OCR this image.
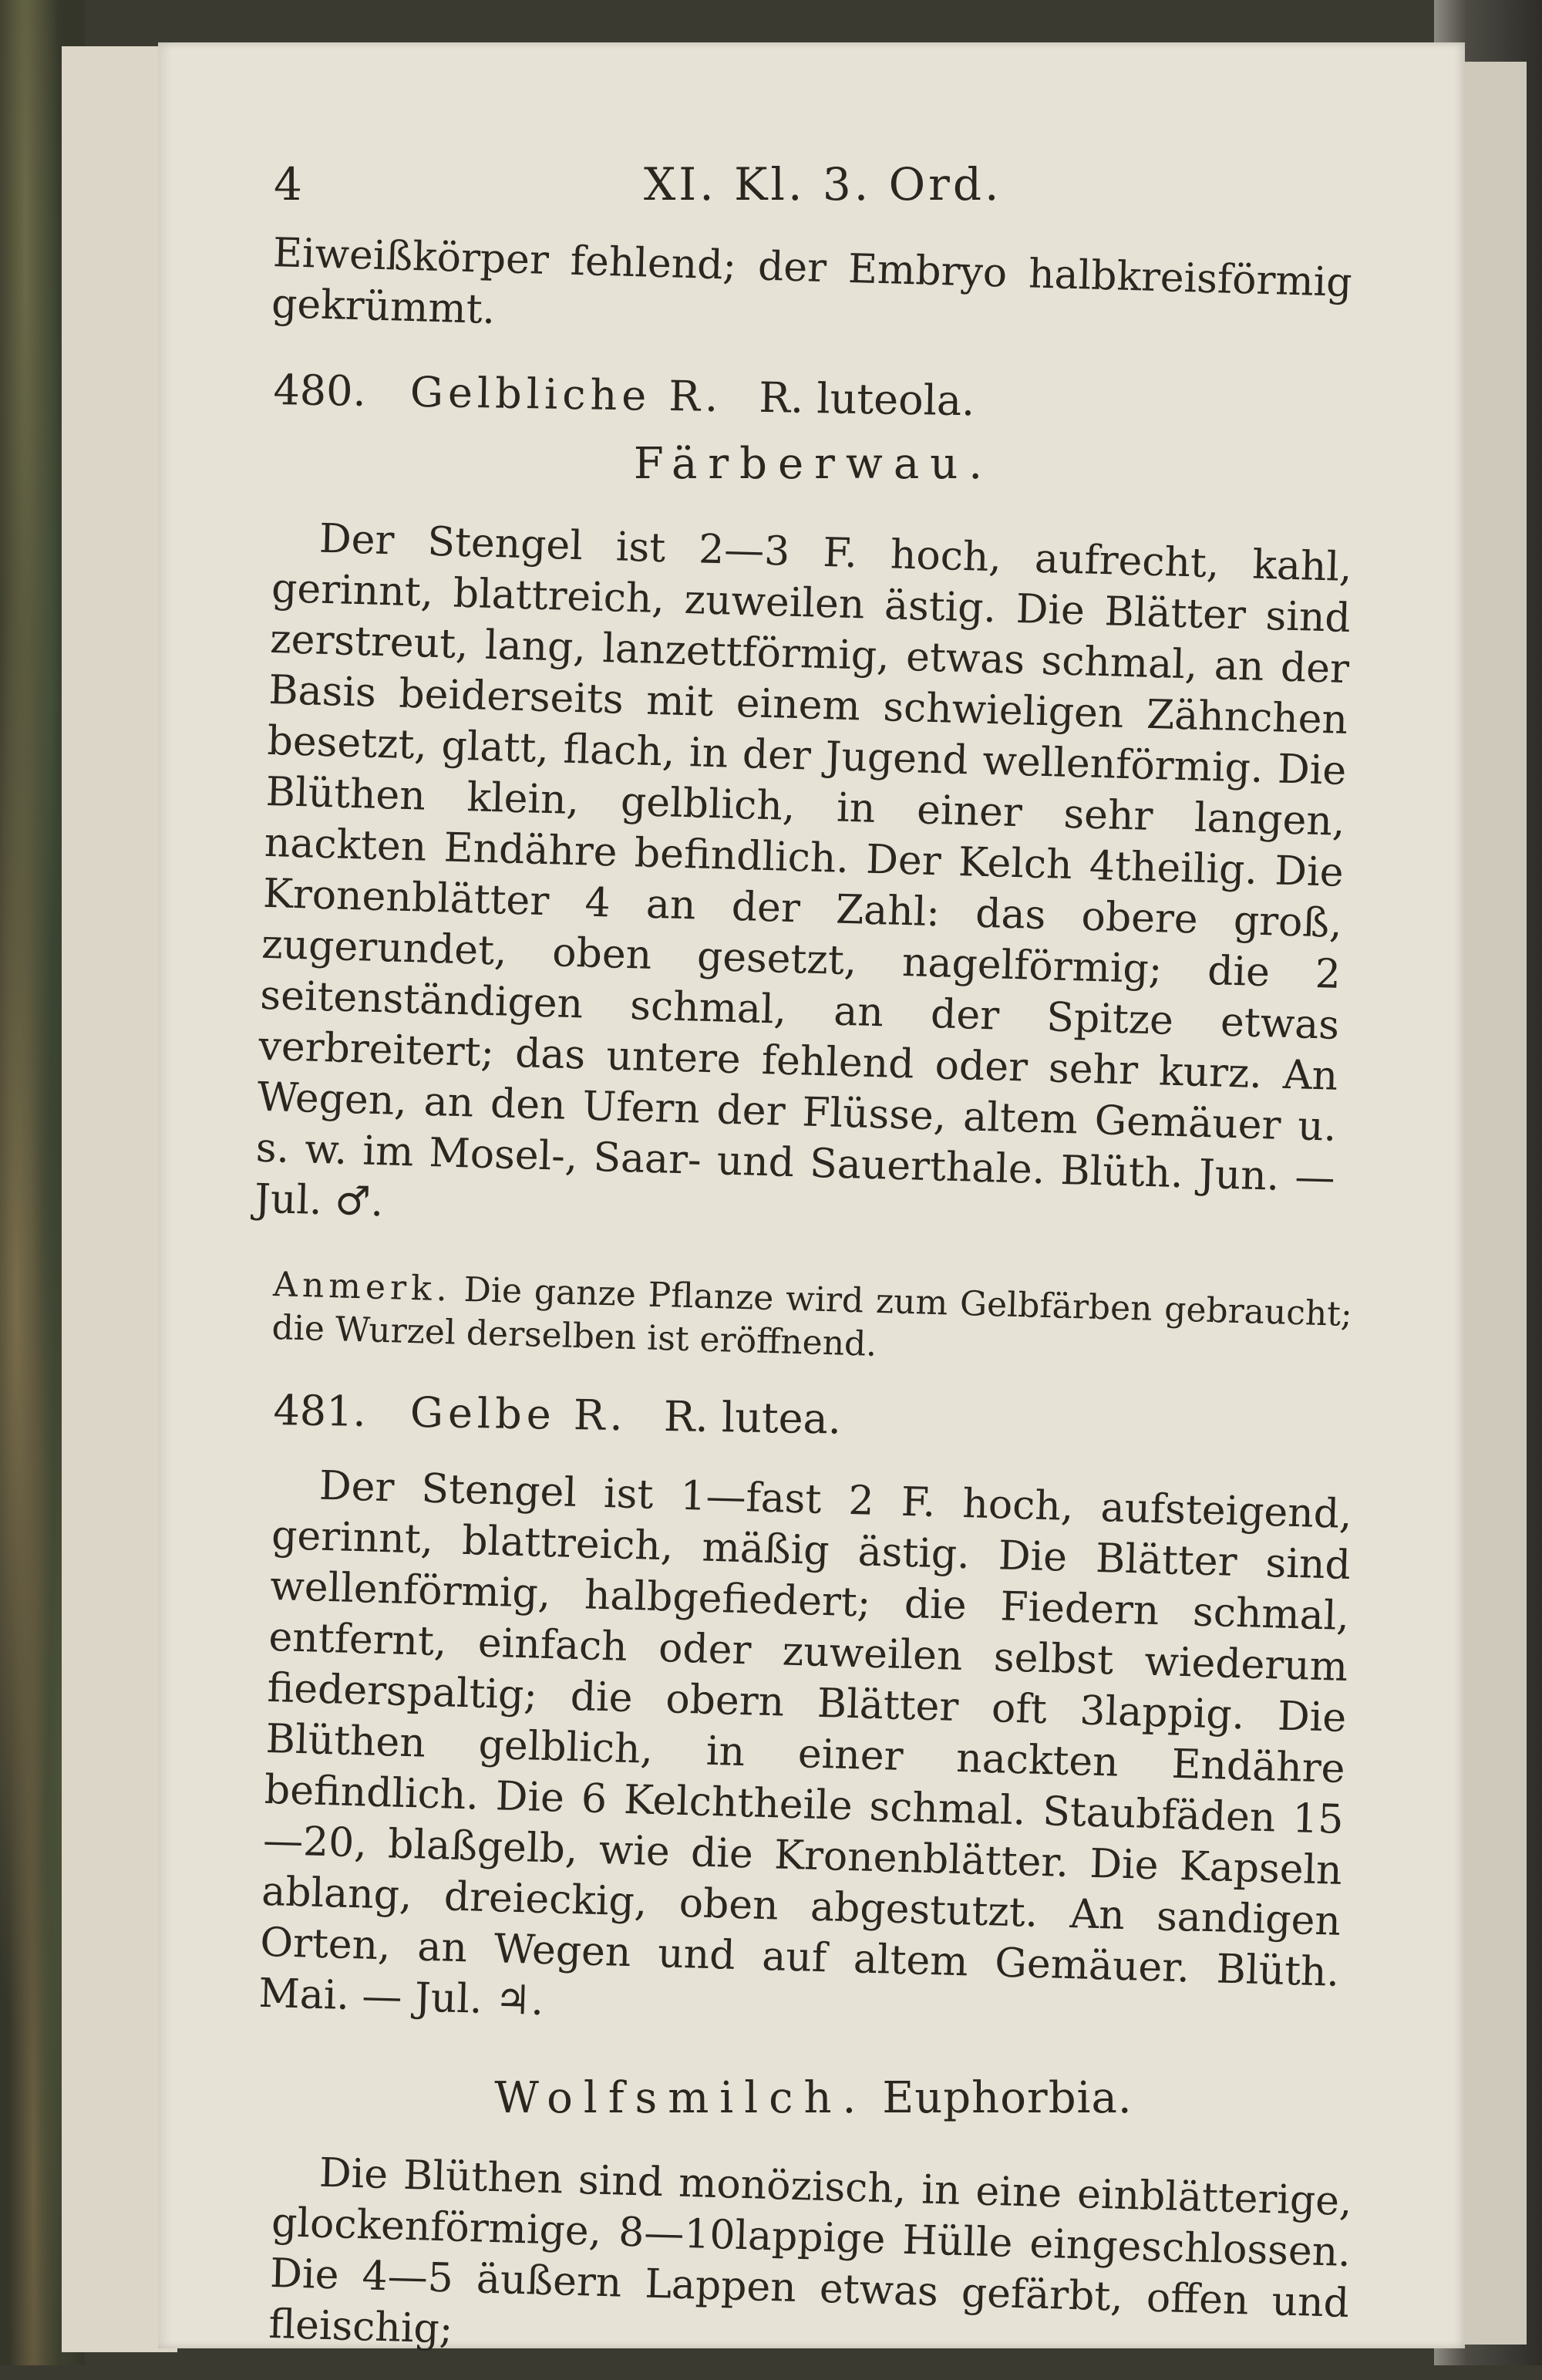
4	XI. Kl. 3. Ord.

Eiweißkörper fehlend; der Embryo halbkreisförmig gekrümmt.

480. Gelbliche R. R. luteola.
Färberwau.

Der Stengel ist 2—3 F. hoch, aufrecht, kahl, gerinnt, blattreich, zuweilen ästig. Die Blätter sind zerstreut, lang, lanzettförmig, etwas schmal, an der Basis beiderseits mit einem schwieligen Zähnchen besetzt, glatt, flach, in der Jugend wellenförmig. Die Blüthen klein, gelblich, in einer sehr langen, nackten Endähre befindlich. Der Kelch 4theilig. Die Kronenblätter 4 an der Zahl: das obere groß, zugerundet, oben gesetzt, nagelförmig; die 2 seitenständigen schmal, an der Spitze etwas verbreitert; das untere fehlend oder sehr kurz. An Wegen, an den Ufern der Flüsse, altem Gemäuer u. s. w. im Mosel-, Saar- und Sauerthale. Blüth. Jun. — Jul. ♂.

Anmerk. Die ganze Pflanze wird zum Gelbfärben gebraucht; die Wurzel derselben ist eröffnend.

481. Gelbe R. R. lutea.

Der Stengel ist 1—fast 2 F. hoch, aufsteigend, gerinnt, blattreich, mäßig ästig. Die Blätter sind wellenförmig, halbgefiedert; die Fiedern schmal, entfernt, einfach oder zuweilen selbst wiederum fiederspaltig; die obern Blätter oft 3lappig. Die Blüthen gelblich, in einer nackten Endähre befindlich. Die 6 Kelchtheile schmal. Staubfäden 15—20, blaßgelb, wie die Kronenblätter. Die Kapseln ablang, dreieckig, oben abgestutzt. An sandigen Orten, an Wegen und auf altem Gemäuer. Blüth. Mai. — Jul. ♃.

Wolfsmilch. Euphorbia.

Die Blüthen sind monözisch, in eine einblätterige, glockenförmige, 8—10lappige Hülle eingeschlossen. Die 4—5 äußern Lappen etwas gefärbt, offen und fleischig;
